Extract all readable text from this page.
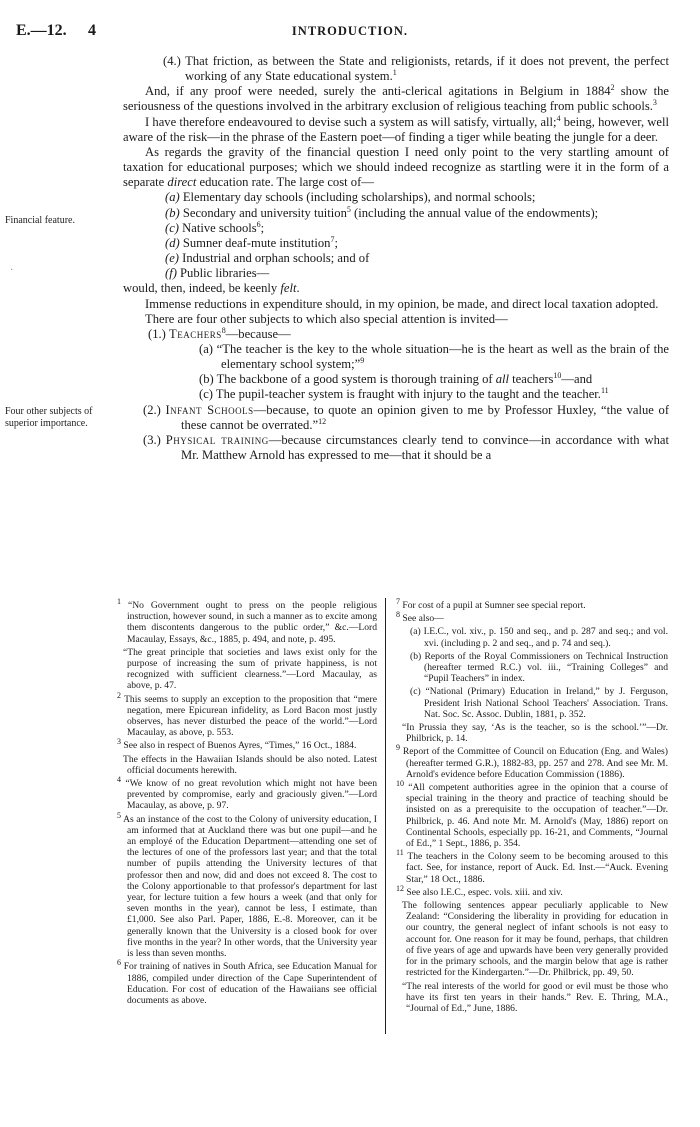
E.—12. 4	INTRODUCTION.
Financial feature.
Four other subjects of superior importance.
·

(4.) That friction, as between the State and religionists, retards, if it does not prevent, the perfect working of any State educational system.$^1$

And, if any proof were needed, surely the anti-clerical agitations in Belgium in 1884$^2$ show the seriousness of the questions involved in the arbitrary exclusion of religious teaching from public schools.$^3$

I have therefore endeavoured to devise such a system as will satisfy, virtually, all;$^4$ being, however, well aware of the risk—in the phrase of the Eastern poet—of finding a tiger while beating the jungle for a deer.

As regards the gravity of the financial question I need only point to the very startling amount of taxation for educational purposes; which we should indeed recognize as startling were it in the form of a separate direct education rate. The large cost of—

(a) Elementary day schools (including scholarships), and normal schools;

(b) Secondary and university tuition$^5$ (including the annual value of the endowments);

(c) Native schools$^6$;

(d) Sumner deaf-mute institution$^7$;

(e) Industrial and orphan schools; and of

(f) Public libraries—

would, then, indeed, be keenly felt.

Immense reductions in expenditure should, in my opinion, be made, and direct local taxation adopted.

There are four other subjects to which also special attention is invited—

(1.) Teachers$^8$—because—

(a) “The teacher is the key to the whole situation—he is the heart as well as the brain of the elementary school system;”$^9$

(b) The backbone of a good system is thorough training of all teachers$^{10}$—and

(c) The pupil-teacher system is fraught with injury to the taught and the teacher.$^{11}$

(2.) Infant Schools—because, to quote an opinion given to me by Professor Huxley, “the value of these cannot be overrated.”$^{12}$

(3.) Physical training—because circumstances clearly tend to convince—in accordance with what Mr. Matthew Arnold has expressed to me—that it should be a

$^1$ “No Government ought to press on the people religious instruction, however sound, in such a manner as to excite among them discontents dangerous to the public order,” &c.—Lord Macaulay, Essays, &c., 1885, p. 494, and note, p. 495.

“The great principle that societies and laws exist only for the purpose of increasing the sum of private happiness, is not recognized with sufficient clearness.”—Lord Macaulay, as above, p. 47.

$^2$ This seems to supply an exception to the proposition that “mere negation, mere Epicurean infidelity, as Lord Bacon most justly observes, has never disturbed the peace of the world.”—Lord Macaulay, as above, p. 553.

$^3$ See also in respect of Buenos Ayres, “Times,” 16 Oct., 1884.

The effects in the Hawaiian Islands should be also noted. Latest official documents herewith.

$^4$ “We know of no great revolution which might not have been prevented by compromise, early and graciously given.”—Lord Macaulay, as above, p. 97.

$^5$ As an instance of the cost to the Colony of university education, I am informed that at Auckland there was but one pupil—and he an employé of the Education Department—attending one set of the lectures of one of the professors last year; and that the total number of pupils attending the University lectures of that professor then and now, did and does not exceed 8. The cost to the Colony apportionable to that professor's department for last year, for lecture tuition a few hours a week (and that only for seven months in the year), cannot be less, I estimate, than £1,000. See also Parl. Paper, 1886, E.-8. Moreover, can it be generally known that the University is a closed book for over five months in the year? In other words, that the University year is less than seven months.

$^6$ For training of natives in South Africa, see Education Manual for 1886, compiled under direction of the Cape Superintendent of Education. For cost of education of the Hawaiians see official documents as above.

$^7$ For cost of a pupil at Sumner see special report.

$^8$ See also—

(a) I.E.C., vol. xiv., p. 150 and seq., and p. 287 and seq.; and vol. xvi. (including p. 2 and seq., and p. 74 and seq.).

(b) Reports of the Royal Commissioners on Technical Instruction (hereafter termed R.C.) vol. iii., “Training Colleges” and “Pupil Teachers” in index.

(c) “National (Primary) Education in Ireland,” by J. Ferguson, President Irish National School Teachers' Association. Trans. Nat. Soc. Sc. Assoc. Dublin, 1881, p. 352.

“In Prussia they say, ‘As is the teacher, so is the school.’”—Dr. Philbrick, p. 14.

$^9$ Report of the Committee of Council on Education (Eng. and Wales) (hereafter termed G.R.), 1882-83, pp. 257 and 278. And see Mr. M. Arnold's evidence before Education Commission (1886).

$^{10}$ “All competent authorities agree in the opinion that a course of special training in the theory and practice of teaching should be insisted on as a prerequisite to the occupation of teacher.”—Dr. Philbrick, p. 46. And note Mr. M. Arnold's (May, 1886) report on Continental Schools, especially pp. 16-21, and Comments, “Journal of Ed.,” 1 Sept., 1886, p. 354.

$^{11}$ The teachers in the Colony seem to be becoming aroused to this fact. See, for instance, report of Auck. Ed. Inst.—“Auck. Evening Star,” 18 Oct., 1886.

$^{12}$ See also I.E.C., espec. vols. xiii. and xiv.

The following sentences appear peculiarly applicable to New Zealand: “Considering the liberality in providing for education in our country, the general neglect of infant schools is not easy to account for. One reason for it may be found, perhaps, that children of five years of age and upwards have been very generally provided for in the primary schools, and the margin below that age is rather restricted for the Kindergarten.”—Dr. Philbrick, pp. 49, 50.

“The real interests of the world for good or evil must be those who have its first ten years in their hands.” Rev. E. Thring, M.A., “Journal of Ed.,” June, 1886.
